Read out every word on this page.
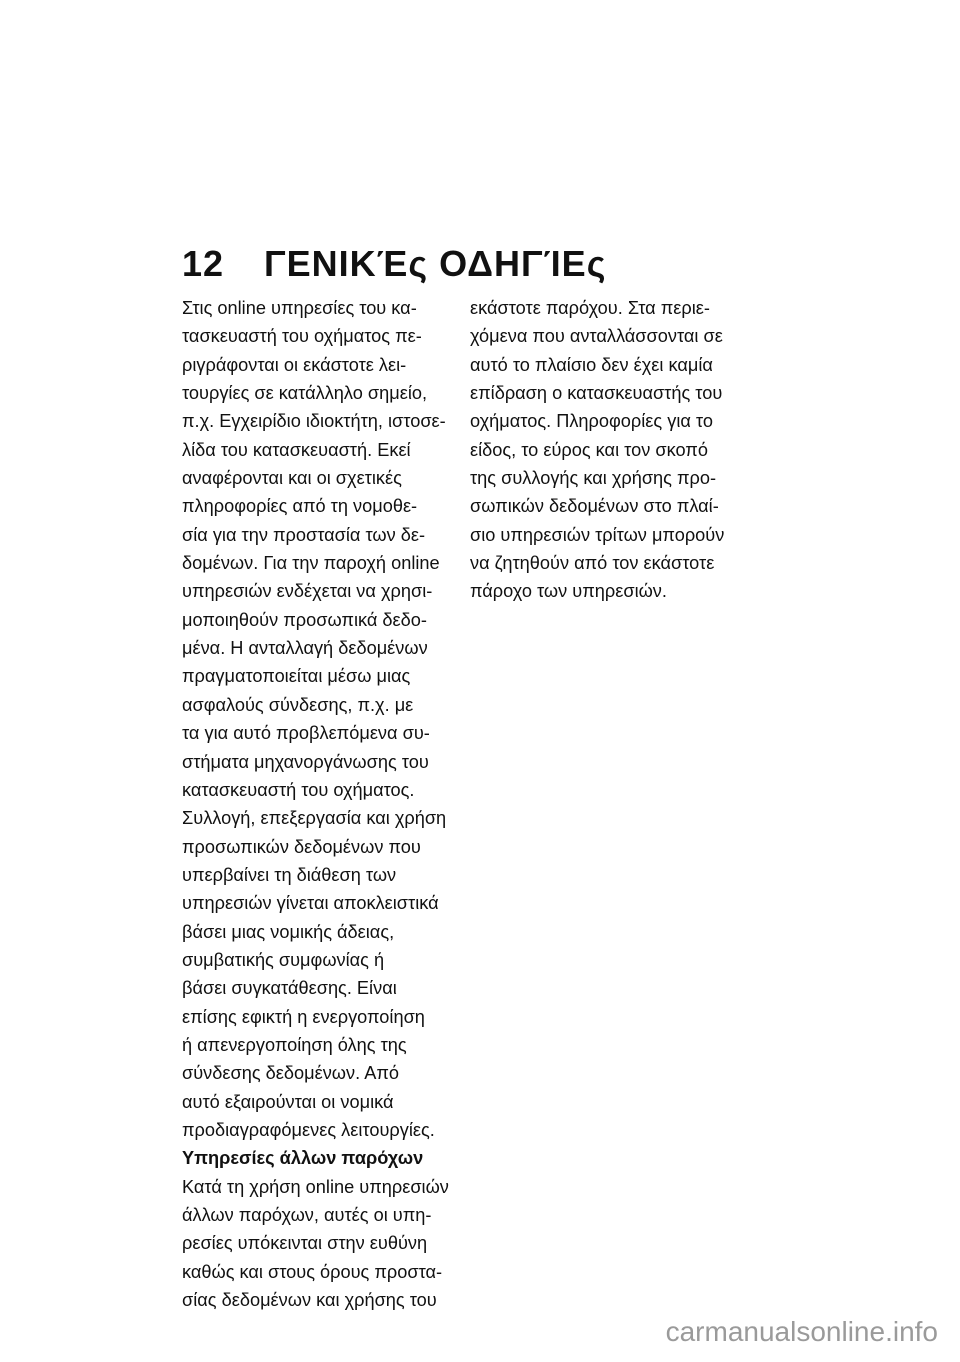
12 ΓΕΝΙΚΈς ΟΔΗΓΊΕς
Στις online υπηρεσίες του κα-
τασκευαστή του οχήματος πε-
ριγράφονται οι εκάστοτε λει-
τουργίες σε κατάλληλο σημείο,
π.χ. Εγχειρίδιο ιδιοκτήτη, ιστοσε-
λίδα του κατασκευαστή. Εκεί
αναφέρονται και οι σχετικές
πληροφορίες από τη νομοθε-
σία για την προστασία των δε-
δομένων. Για την παροχή online
υπηρεσιών ενδέχεται να χρησι-
μοποιηθούν προσωπικά δεδο-
μένα. Η ανταλλαγή δεδομένων
πραγματοποιείται μέσω μιας
ασφαλούς σύνδεσης, π.χ. με
τα για αυτό προβλεπόμενα συ-
στήματα μηχανοργάνωσης του
κατασκευαστή του οχήματος.
Συλλογή, επεξεργασία και χρήση
προσωπικών δεδομένων που
υπερβαίνει τη διάθεση των
υπηρεσιών γίνεται αποκλειστικά
βάσει μιας νομικής άδειας,
συμβατικής συμφωνίας ή
βάσει συγκατάθεσης. Είναι
επίσης εφικτή η ενεργοποίηση
ή απενεργοποίηση όλης της
σύνδεσης δεδομένων. Από
αυτό εξαιρούνται οι νομικά
προδιαγραφόμενες λειτουργίες.
Υπηρεσίες άλλων παρόχων
Κατά τη χρήση online υπηρεσιών
άλλων παρόχων, αυτές οι υπη-
ρεσίες υπόκεινται στην ευθύνη
καθώς και στους όρους προστα-
σίας δεδομένων και χρήσης του
εκάστοτε παρόχου. Στα περιε-
χόμενα που ανταλλάσσονται σε
αυτό το πλαίσιο δεν έχει καμία
επίδραση ο κατασκευαστής του
οχήματος. Πληροφορίες για το
είδος, το εύρος και τον σκοπό
της συλλογής και χρήσης προ-
σωπικών δεδομένων στο πλαί-
σιο υπηρεσιών τρίτων μπορούν
να ζητηθούν από τον εκάστοτε
πάροχο των υπηρεσιών.
carmanualsonline.info
